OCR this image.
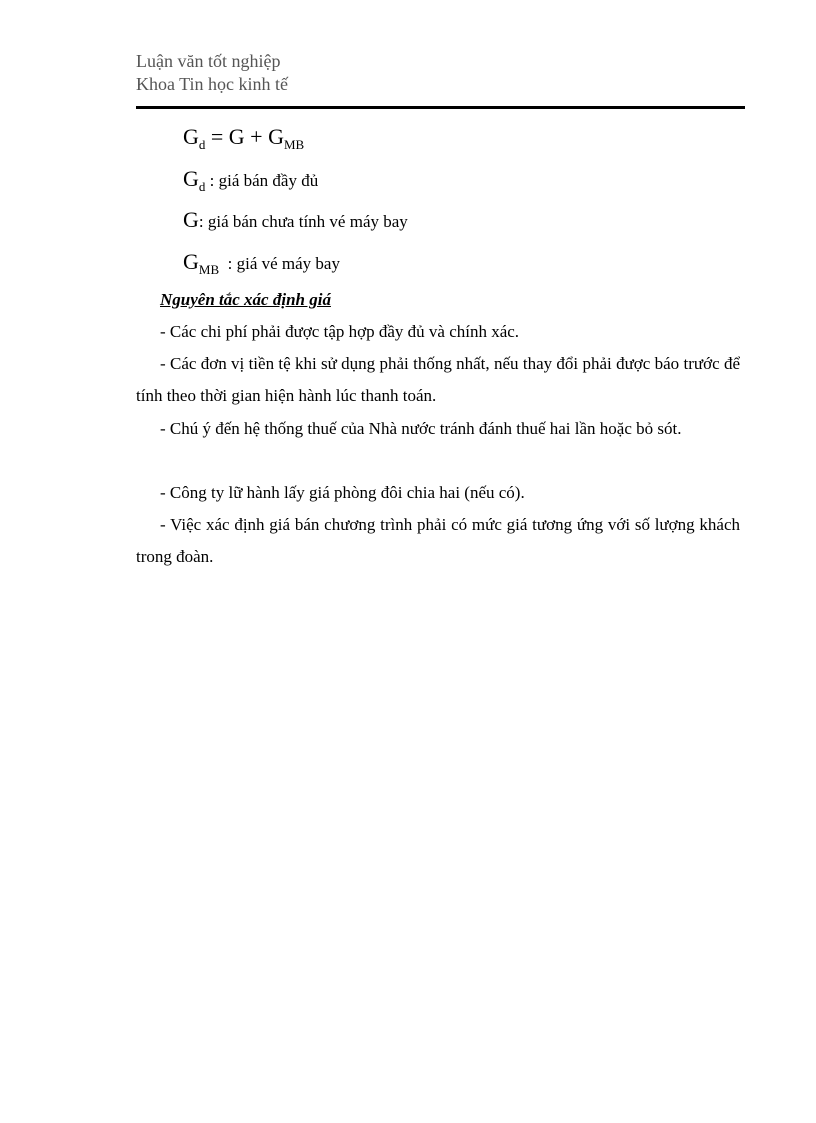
Luận văn tốt nghiệp
Khoa Tin học kinh tế
$G_d = G + G_{MB}$
$G_d$ : giá bán đầy đủ
G: giá bán chưa tính vé máy bay
$G_{MB}$  : giá vé máy bay
Nguyên tắc xác định giá
- Các chi phí phải được tập hợp đầy đủ và chính xác.
- Các đơn vị tiền tệ khi sử dụng phải thống nhất, nếu thay đổi phải được báo trước để tính theo thời gian hiện hành lúc thanh toán.
- Chú ý đến hệ thống thuế của Nhà nước tránh đánh thuế hai lần hoặc bỏ sót.
- Công ty lữ hành lấy giá phòng đôi chia hai (nếu có).
- Việc xác định giá bán chương trình phải có mức giá tương ứng với số lượng khách trong đoàn.
